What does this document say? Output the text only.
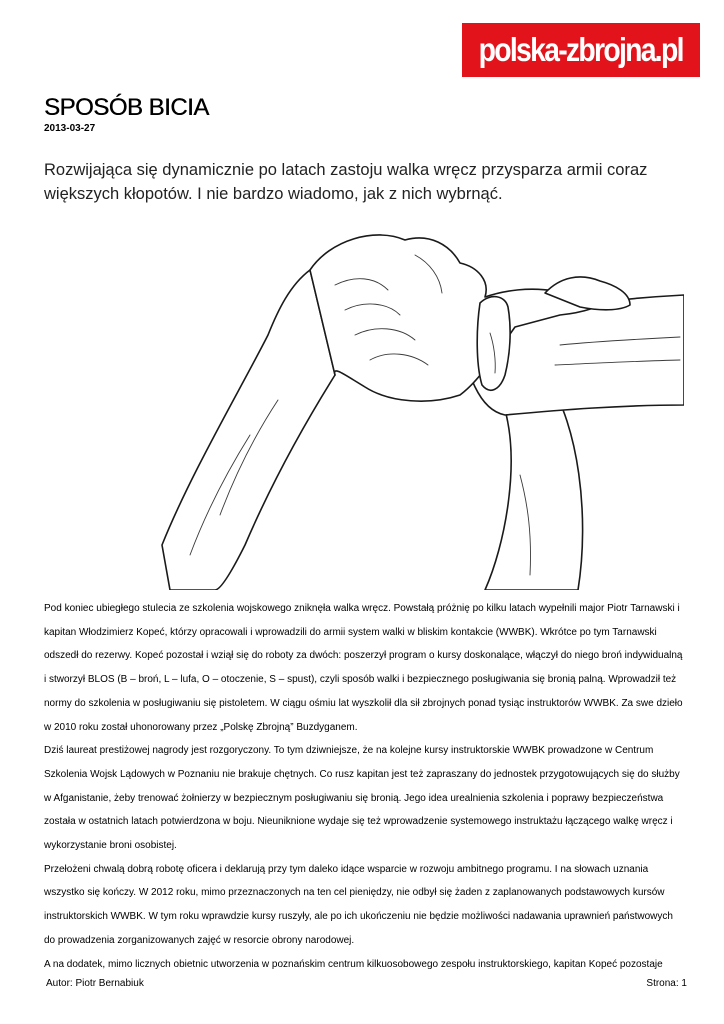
polska-zbrojna.pl
SPOSÓB BICIA
2013-03-27
Rozwijająca się dynamicznie po latach zastoju walka wręcz przysparza armii coraz większych kłopotów. I nie bardzo wiadomo, jak z nich wybrnąć.

Pod koniec ubiegłego stulecia ze szkolenia wojskowego zniknęła walka wręcz. Powstałą próżnię po kilku latach wypełnili major Piotr Tarnawski i kapitan Włodzimierz Kopeć, którzy opracowali i wprowadzili do armii system walki w bliskim kontakcie (WWBK). Wkrótce po tym Tarnawski odszedł do rezerwy. Kopeć pozostał i wziął się do roboty za dwóch: poszerzył program o kursy doskonalące, włączył do niego broń indywidualną i stworzył BLOS (B – broń, L – lufa, O – otoczenie, S – spust), czyli sposób walki i bezpiecznego posługiwania się bronią palną. Wprowadził też normy do szkolenia w posługiwaniu się pistoletem. W ciągu ośmiu lat wyszkolił dla sił zbrojnych ponad tysiąc instruktorów WWBK. Za swe dzieło w 2010 roku został uhonorowany przez „Polskę Zbrojną” Buzdyganem.

Dziś laureat prestiżowej nagrody jest rozgoryczony. To tym dziwniejsze, że na kolejne kursy instruktorskie WWBK prowadzone w Centrum Szkolenia Wojsk Lądowych w Poznaniu nie brakuje chętnych. Co rusz kapitan jest też zapraszany do jednostek przygotowujących się do służby w Afganistanie, żeby trenować żołnierzy w bezpiecznym posługiwaniu się bronią. Jego idea urealnienia szkolenia i poprawy bezpieczeństwa została w ostatnich latach potwierdzona w boju. Nieuniknione wydaje się też wprowadzenie systemowego instruktażu łączącego walkę wręcz i wykorzystanie broni osobistej.

Przełożeni chwalą dobrą robotę oficera i deklarują przy tym daleko idące wsparcie w rozwoju ambitnego programu. I na słowach uznania wszystko się kończy. W 2012 roku, mimo przeznaczonych na ten cel pieniędzy, nie odbył się żaden z zaplanowanych podstawowych kursów instruktorskich WWBK. W tym roku wprawdzie kursy ruszyły, ale po ich ukończeniu nie będzie możliwości nadawania uprawnień państwowych do prowadzenia zorganizowanych zajęć w resorcie obrony narodowej.

A na dodatek, mimo licznych obietnic utworzenia w poznańskim centrum kilkuosobowego zespołu instruktorskiego, kapitan Kopeć pozostaje

Autor: Piotr Bernabiuk	Strona: 1
